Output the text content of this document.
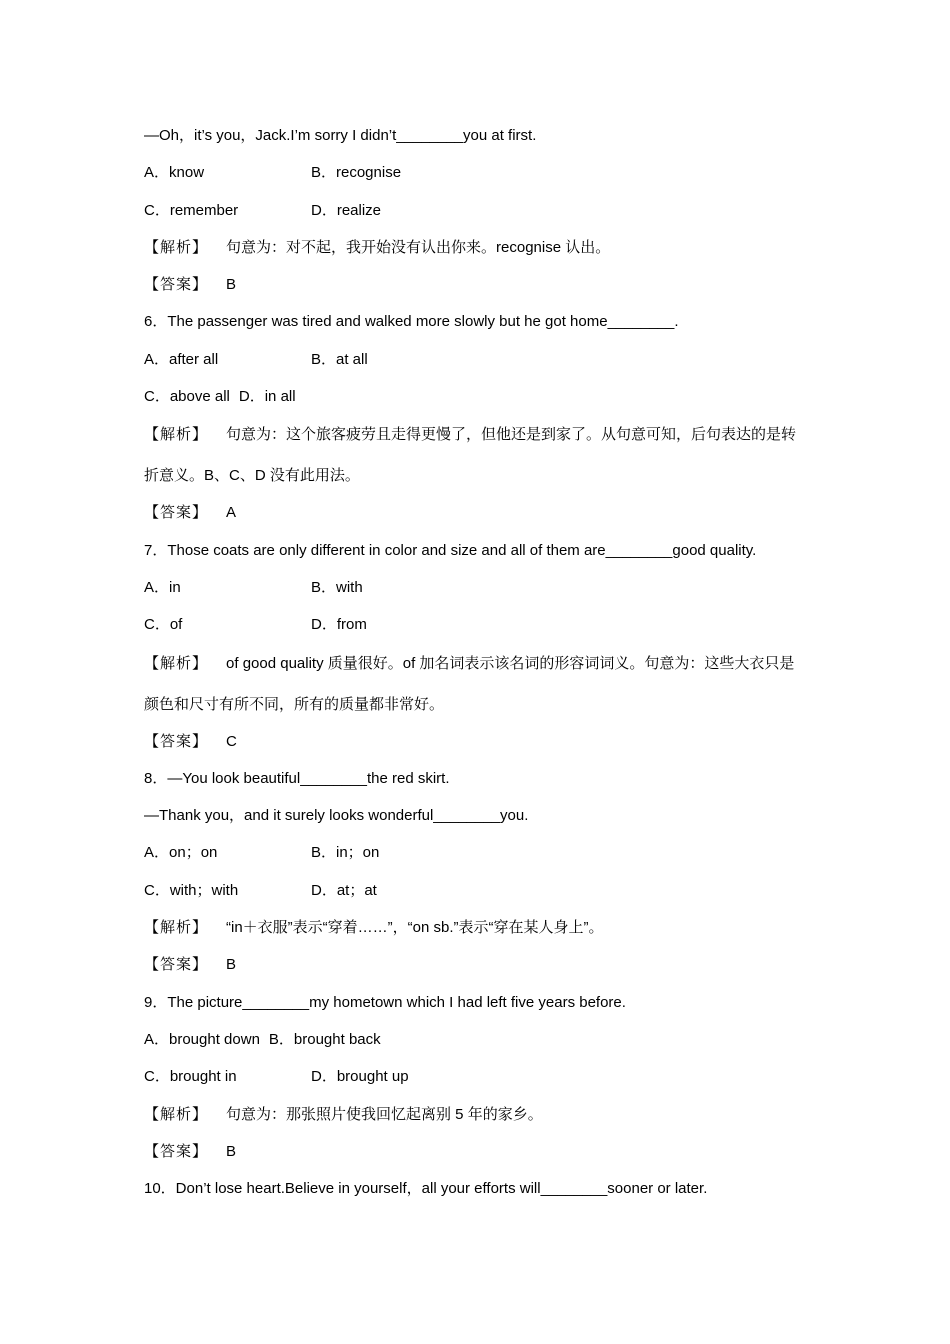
—Oh，it’s you，Jack.I’m sorry I didn’t________you at first.
A．know	B．recognise
C．remember	D．realize
【解析】 句意为：对不起，我开始没有认出你来。recognise 认出。
【答案】 B
6．The passenger was tired and walked more slowly but he got home________.
A．after all	B．at all
C．above all D．in all
【解析】 句意为：这个旅客疲劳且走得更慢了，但他还是到家了。从句意可知，后句表达的是转折意义。B、C、D 没有此用法。
【答案】 A
7．Those coats are only different in color and size and all of them are________good quality.
A．in	B．with
C．of	D．from
【解析】 of good quality 质量很好。of 加名词表示该名词的形容词词义。句意为：这些大衣只是颜色和尺寸有所不同，所有的质量都非常好。
【答案】 C
8．—You look beautiful________the red skirt.
—Thank you，and it surely looks wonderful________you.
A．on；on	B．in；on
C．with；with	D．at；at
【解析】 “in＋衣服”表示“穿着……”，“on sb.”表示“穿在某人身上”。
【答案】 B
9．The picture________my hometown which I had left five years before.
A．brought down B．brought back
C．brought in	D．brought up
【解析】 句意为：那张照片使我回忆起离别 5 年的家乡。
【答案】 B
10．Don’t lose heart.Believe in yourself，all your efforts will________sooner or later.
